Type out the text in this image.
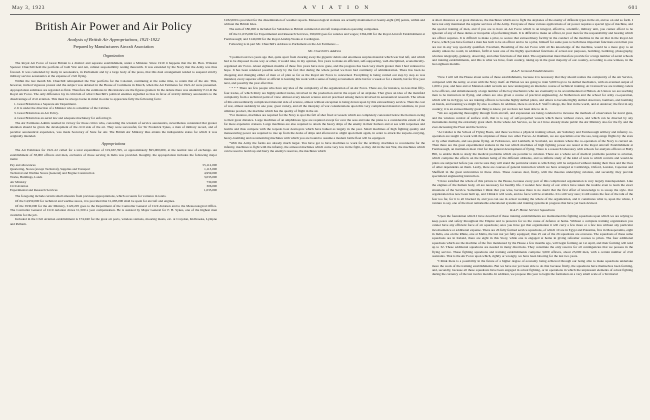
May 3, 1923	A V I A T I O N	601
British Air Power and Air Policy
Analysis of British Air Appropriations, 1921-1922
Prepared by Manufacturers Aircraft Association
Organization

The Royal Air Force of Great Britain is a distinct and separate establishment, under a Minister. Since 1919 it happens that the Rt. Hon. Winston Spencer Churchill held the portfolio of both War and Air, cabinet responsibility resting therewith. It was extended by the Navy that the Army was thus favored. It was contended by many in aeronautics, in Parliament and by a large body of the press, that this dual arrangement tended to suspend strictly military service aeronautics at the expense of civil flying.

Within the last month Mr. Churchill relinquished the War portfolio for the Colonial, continuing at the same time, to retain that of the Air. This, however, invited vigorous protest and the subject was debated in the House of Commons in March, when the Air Estimates for 1921-22 were presented. Appropriation estimates are regarded as final. Therefore the estimates in this instance are the figures granted. In the debate there was unanimity F-O-R the Royal Air Force. The only difference lay in criticism of what Churchill's political enemies signalled as bias in favor of strictly military aeronautics to the disadvantage of civil aviation. This must be always borne in mind in order to appreciate fully the following facts:

1. Great Britain has a Separate Air Department.
2. It is under the direction of a Minister who is a member of the Cabinet.
3. Great Britain has an Air Policy.
4. Great Britain has an aerial law and adequate machinery for enforcing it.

The Air Estimates Admin resulted in victory for those critics who, conceding the wisdom of service aeronautics, nevertheless contended that greater attention should be given the development of the civil side of the art. They were successful, for Sir Frederick Sykes, a man of military record, and of peculiar aeronautical experience, was made Secretary of State for Air. The British Air Ministry thus attains the indisputable status for which it was originally intended.

Appropriations

The Air Estimates for 1921-22 called for a total expenditure of £19,667,395, or approximately $95,000,000, at the normal rate of exchange. An establishment of 38,900 officers and men, exclusive of those serving in India was provided. Roughly, the appropriation includes the following major items:

Pay and allowances	£5,112,000
Quartering, Stores (except Technical), Supplies and Transport	1,113,000
Technical and Warlike Stores (General) and Engine Construction	4,959,000
Works, Buildings, Lands	3,033,000
Air Ministry	730,000
Civil Aviation	306,000
Experimental and Research Services	1,035,000

The foregoing include certain small amounts from previous appropriations, which accounts for variance in totals.

Of the £4,959,000 for technical and warlike stores, it is provided that £1,683,000 shall be spent for aircraft and engines.

Of the £930,000 for the Air Ministry, £120,205 goes to the Department of the Controller General of Civil Aviation and to the Meteorological Office. The Controller General of Civil Aviation draws £1,500 a year compensation. He is assisted by Major General for F. H. Sykes, one of the highest men available for the job.

Included in the Civil Aviation establishment is £74,940 for the great air ports, wireless stations, mooring masts, etc. at Croydon, Kidbrooke, Lympne and Pulham.

£182,000 is provided for the dissemination of weather reports. Meteorological stations are actually maintained at twenty-eight (28) points, within and without the British Isles.

The sum of £80,000 is included for Subsidies to British commercial aircraft transportation operating companies.

Of the £1,035,000 for Experimental and Research Services, £99,000 goes for salaries and wages; £364,000 for the Royal Aircraft Establishment at Farnborough; and £140,000 for the Royal Airship Works at Cardington.

Following is in part Mr. Churchill's Address to Parliament on the Air Estimates:—

Mr. Churchill's Address

"I pointed out two years ago that, quite apart from clearing away the gigantic debris and enormous surplus material which war had left, and which had to be disposed in one way or other, it would take, in my opinion, five years to make an efficient, self-supporting, well-disciplined, economically-organized Air Force. About eighteen months of these five years have now gone, and the progress has been very much greater than I had ventured to hope. It has been rendered possible solely by the fact that during the whole period we have had continuity of administration. There has been no chopping and changing either of men or of plan so far as the Royal Air Force is concerned. Everything is being carried out step by step as was intended, every superior officer or official is learning his work with a sense of being accustomed. Able but for a week or for a month, but for five year next, and possibly the year after that.

" * * * There are few people who have any idea of the complexity of the organization of an Air Force. There are, for instance, no less than fifty-four trades, of which thirty are highly-skilled trades, involved in the production and in the repair of an airplane. That gives an idea of the manifold complexity from a technical point of view. Almost every known science and art practised among men is involved in aeronautical research. The whole of this extraordinarily complicated material side of science, almost without exception is being drawn upon by this extraordinary service. Then the cost of war, almost suddenly in one year, great variety, and all the interplay of war considerations upon this very complicated material constitute, in your ultimate product, the machine which has the quality of flight in the air.

"For instance, machines are required for the Navy to spot the fall of shot fired at vessels which are completely concealed below the horizon owing to their great distance. Large machines of an amphibious type are required except for over the seas and take the plane to a considerable extent of the far more expensive cruisers. Large machines are also required to attack the heavy ships of the enemy in their harbors and at sea with torpedoes and bombs and thus compete with the torpedo boat destroyers which have balked as largely in the past. Small machines of high fighting quality and manoeuvring power are required to rise up from the decks of ships and afterward to alight upon them again, in order to attack the torpedo-carrying, heavy-bombing and reconnoitring machines with which you are bound to assume a modern battle fleet will be equipped.

"With the Army the forms are already much larger. You have got to have machines to work for the artillery, machines to reconnoitre for the infantry, machines to fight with the infantry, the armored machines which come very low in the fight, as they did in the last War, the machines which can be used to bomb up and harry the enemy's reserves, the machines which

at short distances or at great distances, the machines which are to fight the airplanes of the enemy of different types in the air, and so on and so forth. I have not only mentioned the regular services of the Army. Everyone of these various applications of air power requires a special type of machine, and the special training of men, and if you are to have an Air Force which is an integral, effective, scientific, military unit, you cannot afford to be ignorant of any of these duties or incapable of performing them. It is difficult to make an officer, in your men for the responsibility and bearing which are officer requires. It is difficult to make a pilot, to secure that extraordinary facility in the conduct of the machine in the air that in the Royal Air Force, which you have formed a man has both to be an officer and to be a pilot, himself for some pass to both these important functions even then you are not in any way specially qualified. Excellent, Breathing of the Air Force with all his knowledge of the machine, would be a mere grey to an enemy unless he could, in addition, fulfil at least one of the highly specialized functions of actual-war purposes, bombing, bombing, photography, wireless telegraphy, gunnery, observing, and other functions of that kind. The organization must therefore provide for a large number of aerial schools and training establishments, and this is what we have, from country, taking up in the great majority of our country, according to one witness, in the last eighteen months.

R.A.F. Ground Establishments

"Now I will tell the House about some of these establishments, because it is necessary that they should realize the complexity of the Air Service, compared with the Army, or even with the Navy itself. At Halton we are going to train 5,000 boys to be skilled mechanics, with an eventual output of 1,000 a year, and here and at Manston adult recruits are now undergoing an intensive course of technical training. At Cranwell we are training cadets to be officers, and simultaneously a large number of the boy mechanics who are eventually to be accommodated at Halton. At Uxnow we are teaching men to be instructors in flying, and others are also given a course of practical engineering. At Netheravon and the school for army co-operation, which will be in Egypt, we are training officers to become highly skilled pilots, and others to become highly skilled observers, bombers, and bombing on hands, and learning we might fly also to others. In addition, there is an R.A.F. Staff College, the first in the world, and at Andover; the first in any country; it is an extraordinarily great thing to know, yet we have not been able to do it.

"We are organizing thoroughly through from aircraft, and expression are being conducted to increase the methods of observation for naval guns, and the wireless control of surface craft, that is to say, of self-propelled vessels which move without crews, and which can be directed by any instruments during the extremely great shell. In the whole Air Service, so far as I have already made public the Air Ministry also for the fly and the ever-increasing the Fleet and the Service.

"At Calshot is the School of Flying Boats, and there we have a physical training school, Air Salisbury and Farnborough artillery and infantry co-operation are taught to work with the airplanes of these two other Forces. At Oakham, we are specialists over the sea, long-range flights by the stars or by other methods, and sea-plane flying. At Felixstowe, and Lambeth, in Scotland, are stations where the co-operation of the Navy is carried on. Then there are the great experimental stations in the last which machines of high fighting power are tested at the Royal Aircraft Establishment at Farnborough, an institution most vital for the general development of flying. There is a research laboratory with schools for analysis officers at Bally Hill, to enable them to study the medical problems which are peculiar to aviation. There are a whole set of medical problems peculiar to aviation, which comprise the effects on the human being of the different altitudes, and so infinite study of the kind of tests to which recruits and would-be pilots are subjected before you can be sure they will stand the particular strain to which they will be subjected without risking their lives and the lives of other dependents on them. Lastly, there are courses of general instruction which we have arranged at Cambridge, Oxford, London, Caperton and Sheffield in the great universities in these cities. These courses deal, firstly, with the theories underlying aviation, and secondly, they provide specialized engineering instruction.

"I have satisfied the whole of this picture to the House, because every part of this complicated organization is very largely interdependent. Like the engines of the human body, all are necessary for healthy life. I wonder how many of our critics have taken the trouble even to learn the exact situations of the Service. Sometimes I think that you wise, because there is no doubt that the first effort of knowledge is to sweep the style. Our organization has now been built up, and I think it will work, and no force will be available. It is still very sure; it still resists the fear of the talk of the fear too far, for it is all blocked in, and you can see in actual working the whole of the organization, and it constitutes what is, upon the whole, I venture to say, one of the most remarkable educational systems and training systems in progress that have yet been devised.

R.A.F. Home Service Squadrons

"Upon the foundation which I have described if these training establishments are maintained the fighting squadrons upon which we are relying to keep peace and safety throughout the Empire and to preserve for us the cause of defence at home. Without a complete training organization you cannot have any efficient force of air squadrons; once you have got that organization it will carry a few more or a few less without any particular inconvenience or additional expense. There are 26 fully formed service squadrons, of which 10 are in Egypt and Palestine, five in Mesopotamia, eight in India, one on the Rhine, one at Malta, the last not yet fully equipped; thus 25 out of the 26 squadrons are overseas. The squadrons of these same squadrons are in Ireland, there are eight in this Story, while one is engaged at home in giving refresher courses to pilots. The four additional squadrons which are the machine of the five mentioned by the House a few months ago, will begin forming on 1st April, and their forming will tend up to 32. These additional squadrons are needed in many directions. They constitute the only reserve for all contingencies that we possess in the flying service. These fighting squadrons and training establishments comprise 3,000 officers, about 23,000 men, with a certain number of civil assistants. That is the Air Force upon which, rightly or wrongly, we have been laboring for the last two years.

"I think there is a possibility in the future of a higher degree of economy being achieved through our being able to make squadrons undertake more the work of the training establishments. But we have not yet been able to do that because firstly, the squadrons have themselves been forming, and, secondly, because all these squadrons have been engaged in actual fighting, or in operations in which the unpleasant elements of actual fighting during the currency of the last twelve months. In addition, we propose this year to begin the formation on a very small scale of a Territorial
